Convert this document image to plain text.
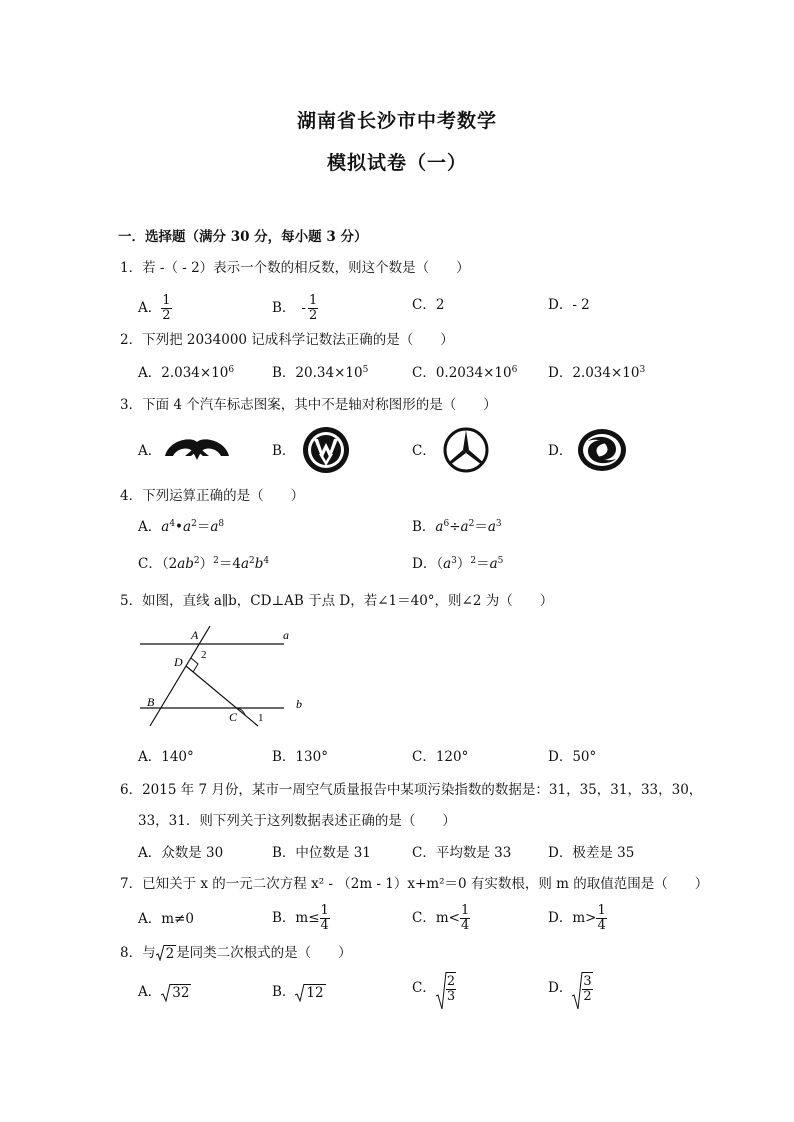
湖南省长沙市中考数学
模拟试卷（一）
一．选择题（满分 30 分，每小题 3 分）
1．若 -（ - 2）表示一个数的相反数，则这个数是（　　）
A． $\frac{1}{2}$	B． - $\frac{1}{2}$	C．2	D．- 2
2．下列把 2034000 记成科学记数法正确的是（　　）
A．$2.034\times 10^6$	B．$20.34\times 10^5$	C．$0.2034\times 10^6$ D．$2.034\times 10^3$
3．下面 4 个汽车标志图案，其中不是轴对称图形的是（　　）
A．	B．	C．	D．
4．下列运算正确的是（　　）
A．$a^4•a^2=a^8$	B．$a^6\div a^2=a^3$
C．$(2ab^2)^2=4a^2b^4$	D．$(a^3)^2=a^5$
5．如图，直线 a∥b，CD⊥AB 于点 D，若∠1＝40°，则∠2 为（　　）
A
D
B
C
a
b
1
2
A．140°	B．130°	C．120°	D．50°
6．2015 年 7 月份，某市一周空气质量报告中某项污染指数的数据是：31，35，31，33，30，
33，31．则下列关于这列数据表述正确的是（　　）
A．众数是 30	B．中位数是 31	C．平均数是 33	D．极差是 35
7．已知关于 x 的一元二次方程 x² - （2m - 1）x+m²＝0 有实数根，则 m 的取值范围是（　　）
A．m≠0	B．$m\le \frac{1}{4}$	C．$m< \frac{1}{4}$	D．$m> \frac{1}{4}$
8．与 2 是同类二次根式的是（　　）
A． 32	B． 12	C． $\frac{2}{3}$	D． $\frac{3}{2}$
